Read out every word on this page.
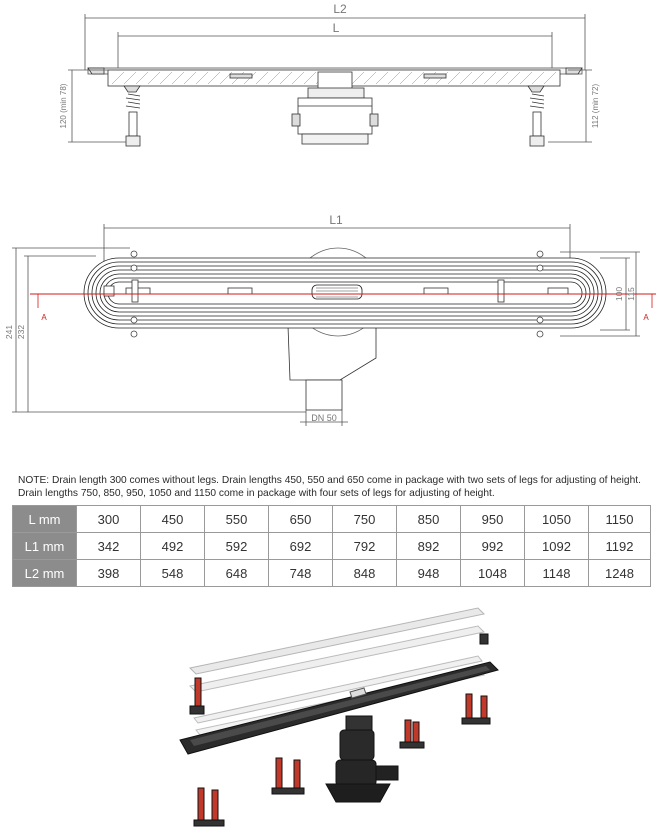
L2
L
120 (min 78)	112 (min 72)
L1
241 232
100 115
A	A
DN 50

NOTE: Drain length 300 comes without legs. Drain lengths 450, 550 and 650 come in package with two sets of legs for adjusting of height. Drain lengths 750, 850, 950, 1050 and 1150 come in package with four sets of legs for adjusting of height.

L mm	300	450	550	650	750	850	950	1050	1150
L1 mm	342	492	592	692	792	892	992	1092	1192
L2 mm	398	548	648	748	848	948	1048	1148	1248
